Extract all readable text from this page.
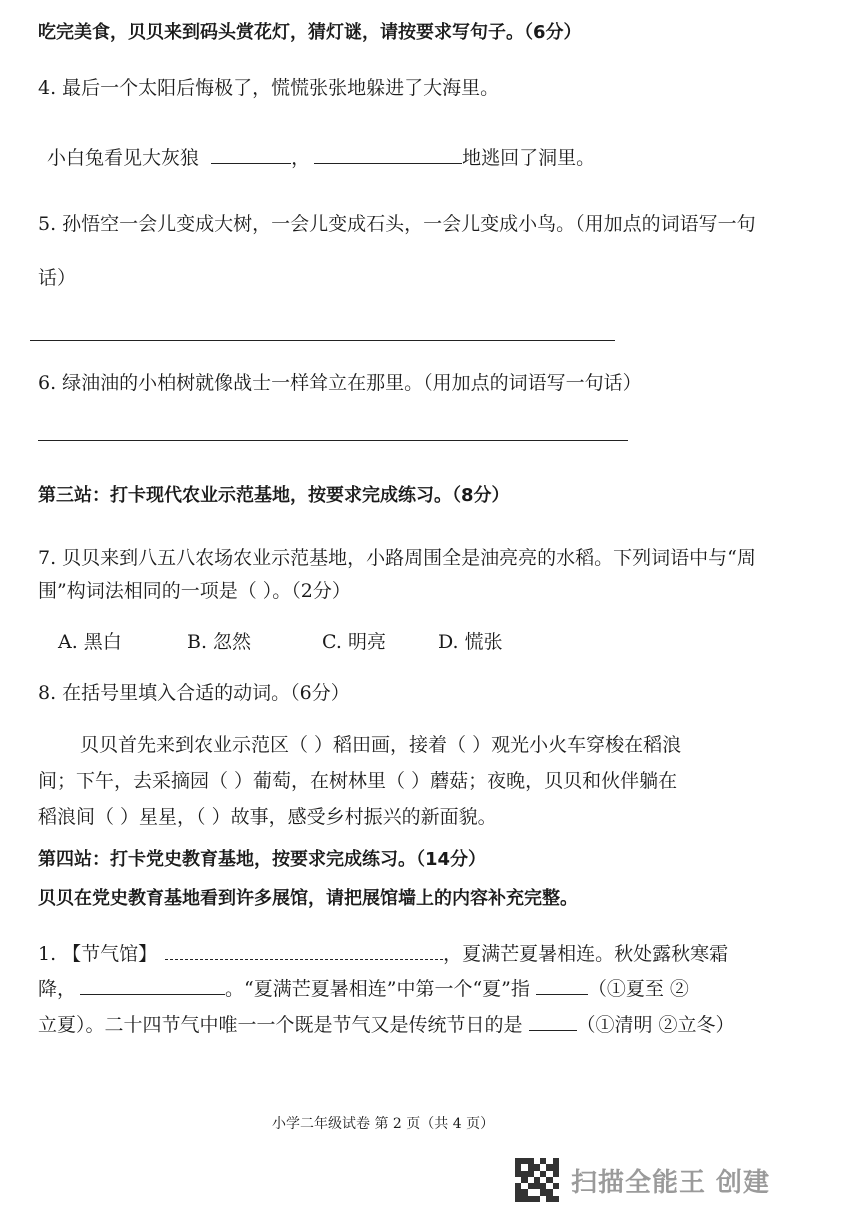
吃完美食，贝贝来到码头赏花灯，猜灯谜，请按要求写句子。（6分）
4. 最后一个太阳后悔极了，慌慌张张地躲进了大海里。
小白兔看见大灰狼	，	地逃回了洞里。
5. 孙悟空一会儿变成大树，一会儿变成石头，一会儿变成小鸟。（用加点的词语写一句
话）
6. 绿油油的小柏树就像战士一样耸立在那里。（用加点的词语写一句话）
第三站：打卡现代农业示范基地，按要求完成练习。（8分）
7. 贝贝来到八五八农场农业示范基地，小路周围全是油亮亮的水稻。下列词语中与“周
围”构词法相同的一项是（ ）。（2分）
A. 黑白	B. 忽然	C. 明亮	D. 慌张
8. 在括号里填入合适的动词。（6分）
贝贝首先来到农业示范区（ ）稻田画，接着（ ）观光小火车穿梭在稻浪
间；下午，去采摘园（ ）葡萄，在树林里（ ）蘑菇；夜晚，贝贝和伙伴躺在
稻浪间（ ）星星，（ ）故事，感受乡村振兴的新面貌。
第四站：打卡党史教育基地，按要求完成练习。（14分）
贝贝在党史教育基地看到许多展馆，请把展馆墙上的内容补充完整。
1. 【节气馆】	，夏满芒夏暑相连。秋处露秋寒霜
降，	。“夏满芒夏暑相连”中第一个“夏”指	（①夏至 ②
立夏）。二十四节气中唯一一个既是节气又是传统节日的是	（①清明 ②立冬）
小学二年级试卷 第 2 页（共 4 页）
扫描全能王 创建
